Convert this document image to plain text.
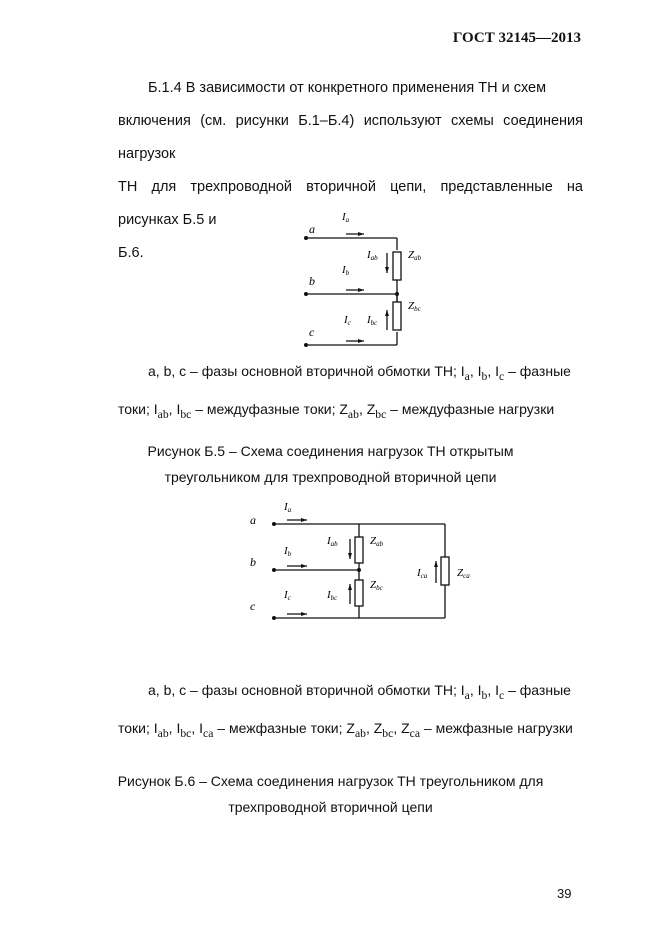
ГОСТ 32145—2013

Б.1.4 В зависимости от конкретного применения ТН и схем

включения (см. рисунки Б.1–Б.4) используют схемы соединения нагрузок

ТН для трехпроводной вторичной цепи, представленные на рисунках Б.5 и

Б.6.

a
b
c
Ia
Ib
Ic
Iab
Ibc
Zab
Zbc

a, b, c – фазы основной вторичной обмотки ТН; $I_a$, $I_b$, $I_c$ – фазные

токи; $I_{ab}$, $I_{bc}$ – междуфазные токи; $Z_{ab}$, $Z_{bc}$ – междуфазные нагрузки

Рисунок Б.5 – Схема соединения нагрузок ТН открытым
треугольником для трехпроводной вторичной цепи
a
b
c
Ia
Ib
Ic
Iab
Ibc
Ica
Zab
Zbc
Zca

a, b, c – фазы основной вторичной обмотки ТН; $I_a$, $I_b$, $I_c$ – фазные

токи; $I_{ab}$, $I_{bc}$, $I_{ca}$ – межфазные токи; $Z_{ab}$, $Z_{bc}$, $Z_{ca}$ – межфазные нагрузки

Рисунок Б.6 – Схема соединения нагрузок ТН треугольником для
трехпроводной вторичной цепи
39
